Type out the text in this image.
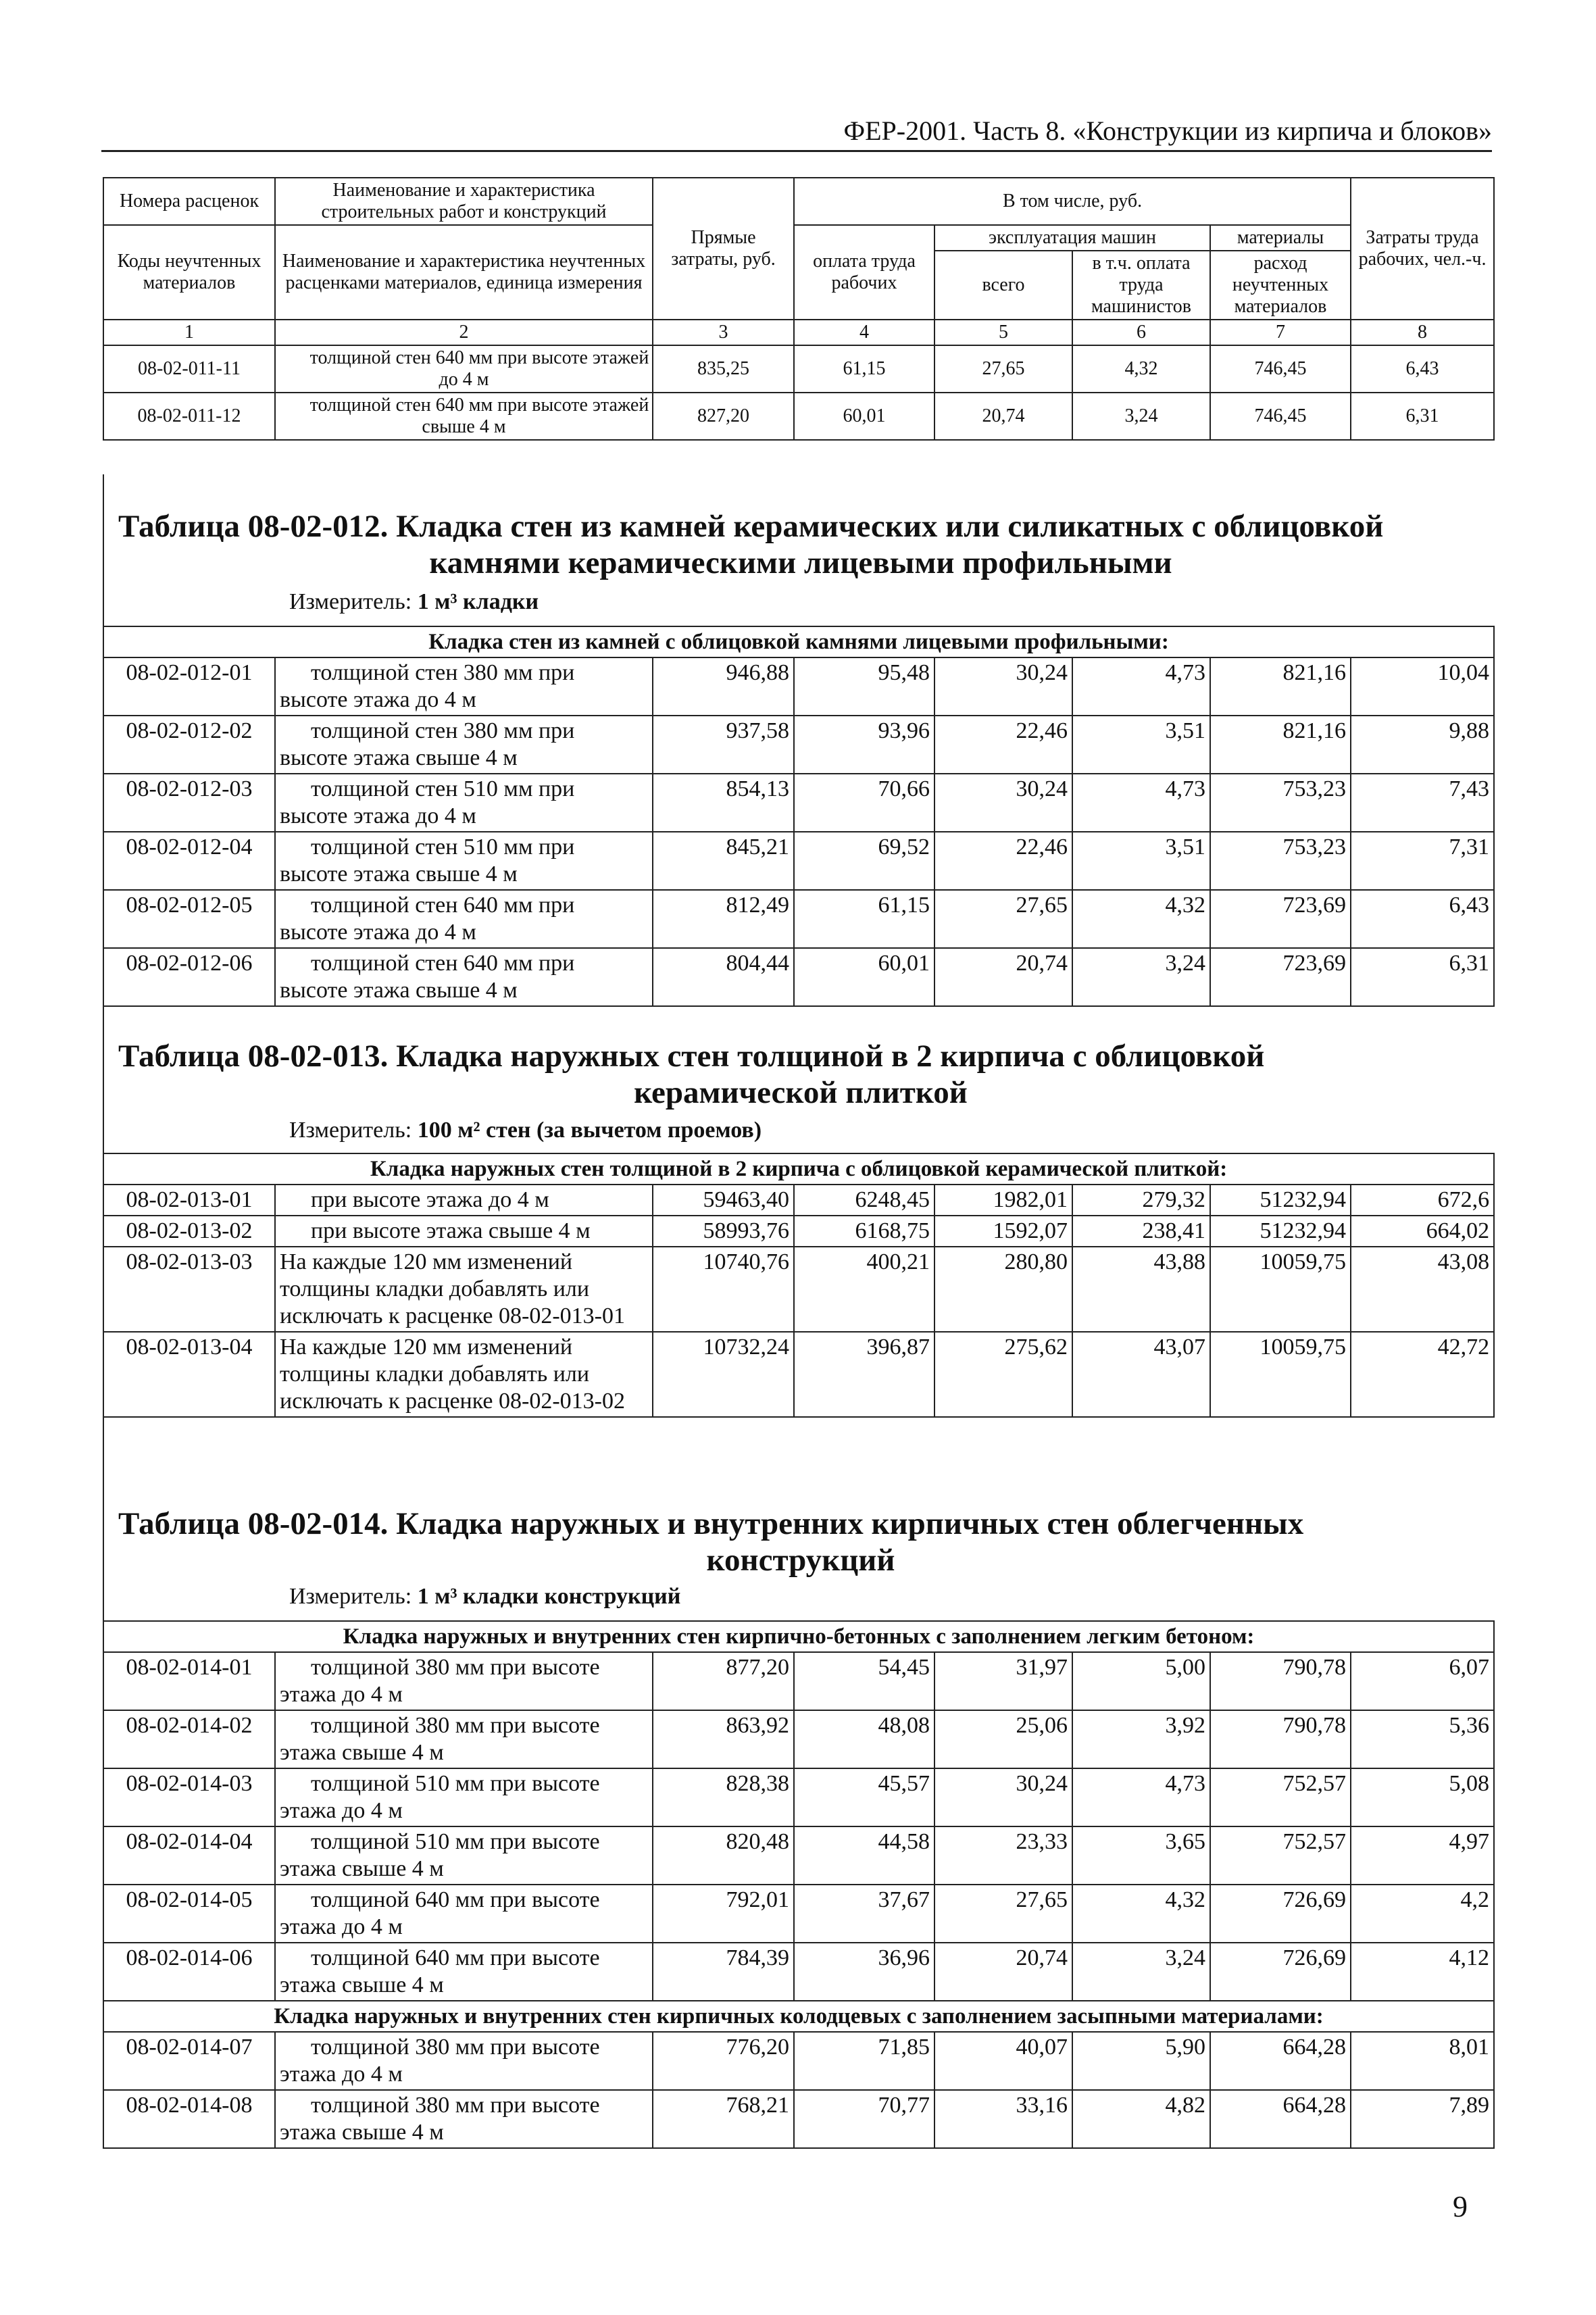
ФЕР-2001. Часть 8. «Конструкции из кирпича и блоков»
Номера расценок	Наименование и характеристика строительных работ и конструкций	Прямые затраты, руб.	В том числе, руб.				Затраты труда рабочих, чел.-ч.
Коды неучтенных материалов	Наименование и характеристика неучтенных расценками материалов, единица измерения		оплата труда рабочих	эксплуатация машин		материалы	
				всего	в т.ч. оплата труда машинистов	расход неучтенных материалов	

1	2	3	4	5	6	7	8
08-02-011-11	толщиной стен 640 мм при высоте этажей до 4 м	835,25	61,15	27,65	4,32	746,45	6,43
08-02-011-12	толщиной стен 640 мм при высоте этажей свыше 4 м	827,20	60,01	20,74	3,24	746,45	6,31
Таблица 08-02-012. Кладка стен из камней керамических или силикатных с облицовкой
камнями керамическими лицевыми профильными
Измеритель: 1 м³ кладки
Кладка стен из камней с облицовкой камнями лицевыми профильными:							
08-02-012-01	толщиной стен 380 мм при высоте этажа до 4 м	946,88	95,48	30,24	4,73	821,16	10,04
08-02-012-02	толщиной стен 380 мм при высоте этажа свыше 4 м	937,58	93,96	22,46	3,51	821,16	9,88
08-02-012-03	толщиной стен 510 мм при высоте этажа до 4 м	854,13	70,66	30,24	4,73	753,23	7,43
08-02-012-04	толщиной стен 510 мм при высоте этажа свыше 4 м	845,21	69,52	22,46	3,51	753,23	7,31
08-02-012-05	толщиной стен 640 мм при высоте этажа до 4 м	812,49	61,15	27,65	4,32	723,69	6,43
08-02-012-06	толщиной стен 640 мм при высоте этажа свыше 4 м	804,44	60,01	20,74	3,24	723,69	6,31
Таблица 08-02-013. Кладка наружных стен толщиной в 2 кирпича с облицовкой
керамической плиткой
Измеритель: 100 м² стен (за вычетом проемов)
Кладка наружных стен толщиной в 2 кирпича с облицовкой керамической плиткой:							
08-02-013-01	при высоте этажа до 4 м	59463,40	6248,45	1982,01	279,32	51232,94	672,6
08-02-013-02	при высоте этажа свыше 4 м	58993,76	6168,75	1592,07	238,41	51232,94	664,02
08-02-013-03	На каждые 120 мм изменений толщины кладки добавлять или исключать к расценке 08-02-013-01	10740,76	400,21	280,80	43,88	10059,75	43,08
08-02-013-04	На каждые 120 мм изменений толщины кладки добавлять или исключать к расценке 08-02-013-02	10732,24	396,87	275,62	43,07	10059,75	42,72
Таблица 08-02-014. Кладка наружных и внутренних кирпичных стен облегченных
конструкций
Измеритель: 1 м³ кладки конструкций
Кладка наружных и внутренних стен кирпично-бетонных с заполнением легким бетоном:							
08-02-014-01	толщиной 380 мм при высоте этажа до 4 м	877,20	54,45	31,97	5,00	790,78	6,07
08-02-014-02	толщиной 380 мм при высоте этажа свыше 4 м	863,92	48,08	25,06	3,92	790,78	5,36
08-02-014-03	толщиной 510 мм при высоте этажа до 4 м	828,38	45,57	30,24	4,73	752,57	5,08
08-02-014-04	толщиной 510 мм при высоте этажа свыше 4 м	820,48	44,58	23,33	3,65	752,57	4,97
08-02-014-05	толщиной 640 мм при высоте этажа до 4 м	792,01	37,67	27,65	4,32	726,69	4,2
08-02-014-06	толщиной 640 мм при высоте этажа свыше 4 м	784,39	36,96	20,74	3,24	726,69	4,12
Кладка наружных и внутренних стен кирпичных колодцевых с заполнением засыпными материалами:							
08-02-014-07	толщиной 380 мм при высоте этажа до 4 м	776,20	71,85	40,07	5,90	664,28	8,01
08-02-014-08	толщиной 380 мм при высоте этажа свыше 4 м	768,21	70,77	33,16	4,82	664,28	7,89
9
